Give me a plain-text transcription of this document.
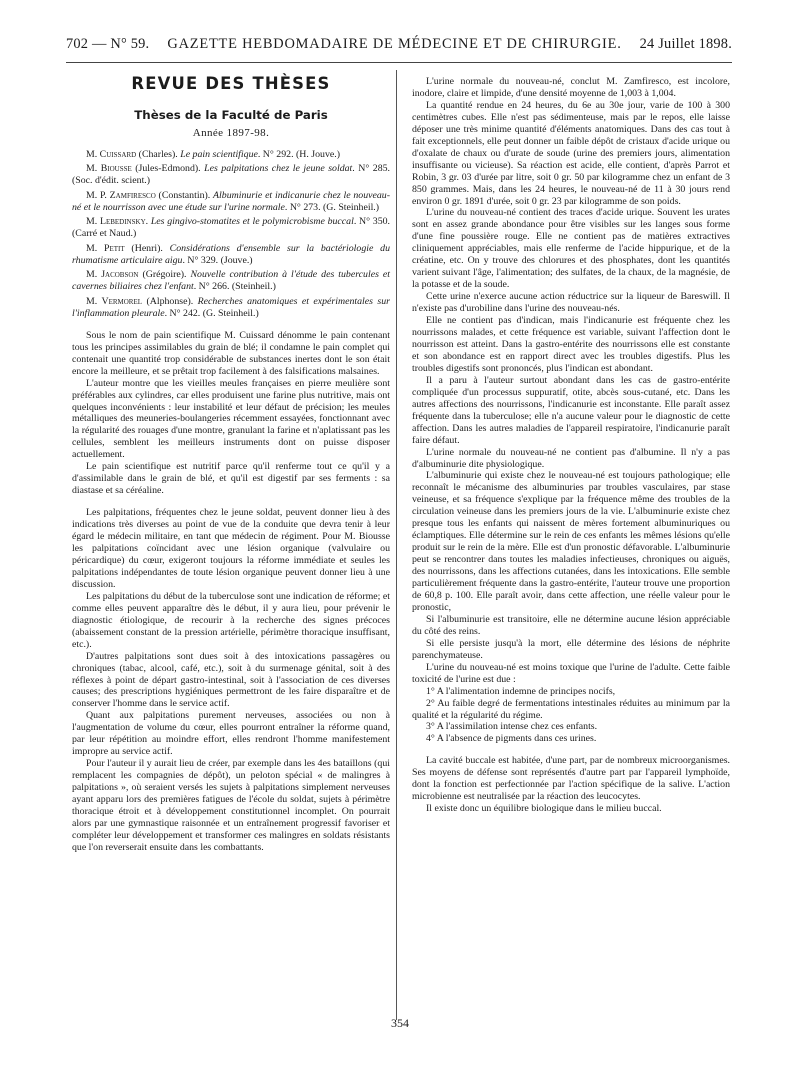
702 — N° 59. GAZETTE HEBDOMADAIRE DE MÉDECINE ET DE CHIRURGIE. 24 Juillet 1898.
REVUE DES THÈSES
Thèses de la Faculté de Paris
Année 1897-98.

M. Cuissard (Charles). Le pain scientifique. N° 292. (H. Jouve.)

M. Biousse (Jules-Edmond). Les palpitations chez le jeune soldat. N° 285. (Soc. d'édit. scient.)

M. P. Zamfiresco (Constantin). Albuminurie et indicanurie chez le nouveau-né et le nourrisson avec une étude sur l'urine normale. N° 273. (G. Steinheil.)

M. Lebedinsky. Les gingivo-stomatites et le polymicrobisme buccal. N° 350. (Carré et Naud.)

M. Petit (Henri). Considérations d'ensemble sur la bactériologie du rhumatisme articulaire aigu. N° 329. (Jouve.)

M. Jacobson (Grégoire). Nouvelle contribution à l'étude des tubercules et cavernes biliaires chez l'enfant. N° 266. (Steinheil.)

M. Vermorel (Alphonse). Recherches anatomiques et expérimentales sur l'inflammation pleurale. N° 242. (G. Steinheil.)

Sous le nom de pain scientifique M. Cuissard dénomme le pain contenant tous les principes assimilables du grain de blé; il condamne le pain complet qui contenait une quantité trop considérable de substances inertes dont le son était encore la meilleure, et se prêtait trop facilement à des falsifications malsaines.

L'auteur montre que les vieilles meules françaises en pierre meulière sont préférables aux cylindres, car elles produisent une farine plus nutritive, mais ont quelques inconvénients : leur instabilité et leur défaut de précision; les meules métalliques des meuneries-boulangeries récemment essayées, fonctionnant avec la régularité des rouages d'une montre, granulant la farine et n'aplatissant pas les cellules, semblent les meilleurs instruments dont on puisse disposer actuellement.

Le pain scientifique est nutritif parce qu'il renferme tout ce qu'il y a d'assimilable dans le grain de blé, et qu'il est digestif par ses ferments : sa diastase et sa céréaline.

Les palpitations, fréquentes chez le jeune soldat, peuvent donner lieu à des indications très diverses au point de vue de la conduite que devra tenir à leur égard le médecin militaire, en tant que médecin de régiment. Pour M. Biousse les palpitations coïncidant avec une lésion organique (valvulaire ou péricardique) du cœur, exigeront toujours la réforme immédiate et seules les palpitations indépendantes de toute lésion organique peuvent donner lieu à une discussion.

Les palpitations du début de la tuberculose sont une indication de réforme; et comme elles peuvent apparaître dès le début, il y aura lieu, pour prévenir le diagnostic étiologique, de recourir à la recherche des signes précoces (abaissement constant de la pression artérielle, périmètre thoracique insuffisant, etc.).

D'autres palpitations sont dues soit à des intoxications passagères ou chroniques (tabac, alcool, café, etc.), soit à du surmenage génital, soit à des réflexes à point de départ gastro-intestinal, soit à l'association de ces diverses causes; des prescriptions hygiéniques permettront de les faire disparaître et de conserver l'homme dans le service actif.

Quant aux palpitations purement nerveuses, associées ou non à l'augmentation de volume du cœur, elles pourront entraîner la réforme quand, par leur répétition au moindre effort, elles rendront l'homme manifestement impropre au service actif.

Pour l'auteur il y aurait lieu de créer, par exemple dans les 4es bataillons (qui remplacent les compagnies de dépôt), un peloton spécial « de malingres à palpitations », où seraient versés les sujets à palpitations simplement nerveuses ayant apparu lors des premières fatigues de l'école du soldat, sujets à périmètre thoracique étroit et à développement constitutionnel incomplet. On pourrait alors par une gymnastique raisonnée et un entraînement progressif favoriser et compléter leur développement et transformer ces malingres en soldats résistants que l'on reverserait ensuite dans les combattants.

L'urine normale du nouveau-né, conclut M. Zamfiresco, est incolore, inodore, claire et limpide, d'une densité moyenne de 1,003 à 1,004.

La quantité rendue en 24 heures, du 6e au 30e jour, varie de 100 à 300 centimètres cubes. Elle n'est pas sédimenteuse, mais par le repos, elle laisse déposer une très minime quantité d'éléments anatomiques. Dans des cas tout à fait exceptionnels, elle peut donner un faible dépôt de cristaux d'acide urique ou d'oxalate de chaux ou d'urate de soude (urine des premiers jours, alimentation insuffisante ou vicieuse). Sa réaction est acide, elle contient, d'après Parrot et Robin, 3 gr. 03 d'urée par litre, soit 0 gr. 50 par kilogramme chez un enfant de 3 850 grammes. Mais, dans les 24 heures, le nouveau-né de 11 à 30 jours rend environ 0 gr. 1891 d'urée, soit 0 gr. 23 par kilogramme de son poids.

L'urine du nouveau-né contient des traces d'acide urique. Souvent les urates sont en assez grande abondance pour être visibles sur les langes sous forme d'une fine poussière rouge. Elle ne contient pas de matières extractives cliniquement appréciables, mais elle renferme de l'acide hippurique, et de la créatine, etc. On y trouve des chlorures et des phosphates, dont les quantités varient suivant l'âge, l'alimentation; des sulfates, de la chaux, de la magnésie, de la potasse et de la soude.

Cette urine n'exerce aucune action réductrice sur la liqueur de Bareswill. Il n'existe pas d'urobiline dans l'urine des nouveau-nés.

Elle ne contient pas d'indican, mais l'indicanurie est fréquente chez les nourrissons malades, et cette fréquence est variable, suivant l'affection dont le nourrisson est atteint. Dans la gastro-entérite des nourrissons elle est constante et son abondance est en rapport direct avec les troubles digestifs. Plus les troubles digestifs sont prononcés, plus l'indican est abondant.

Il a paru à l'auteur surtout abondant dans les cas de gastro-entérite compliquée d'un processus suppuratif, otite, abcès sous-cutané, etc. Dans les autres affections des nourrissons, l'indicanurie est inconstante. Elle paraît assez fréquente dans la tuberculose; elle n'a aucune valeur pour le diagnostic de cette affection. Dans les autres maladies de l'appareil respiratoire, l'indicanurie paraît faire défaut.

L'urine normale du nouveau-né ne contient pas d'albumine. Il n'y a pas d'albuminurie dite physiologique.

L'albuminurie qui existe chez le nouveau-né est toujours pathologique; elle reconnaît le mécanisme des albuminuries par troubles vasculaires, par stase veineuse, et sa fréquence s'explique par la fréquence même des troubles de la circulation veineuse dans les premiers jours de la vie. L'albuminurie existe chez presque tous les enfants qui naissent de mères fortement albuminuriques ou éclamptiques. Elle détermine sur le rein de ces enfants les mêmes lésions qu'elle produit sur le rein de la mère. Elle est d'un pronostic défavorable. L'albuminurie peut se rencontrer dans toutes les maladies infectieuses, chroniques ou aiguës, des nourrissons, dans les affections cutanées, dans les intoxications. Elle semble particulièrement fréquente dans la gastro-entérite, l'auteur trouve une proportion de 60,8 p. 100. Elle paraît avoir, dans cette affection, une réelle valeur pour le pronostic,

Si l'albuminurie est transitoire, elle ne détermine aucune lésion appréciable du côté des reins.

Si elle persiste jusqu'à la mort, elle détermine des lésions de néphrite parenchymateuse.

L'urine du nouveau-né est moins toxique que l'urine de l'adulte. Cette faible toxicité de l'urine est due :

1° A l'alimentation indemne de principes nocifs,

2° Au faible degré de fermentations intestinales réduites au minimum par la qualité et la régularité du régime.

3° A l'assimilation intense chez ces enfants.

4° A l'absence de pigments dans ces urines.

La cavité buccale est habitée, d'une part, par de nombreux microorganismes. Ses moyens de défense sont représentés d'autre part par l'appareil lymphoïde, dont la fonction est perfectionnée par l'action spécifique de la salive. L'action microbienne est neutralisée par la réaction des leucocytes.

Il existe donc un équilibre biologique dans le milieu buccal.

354
